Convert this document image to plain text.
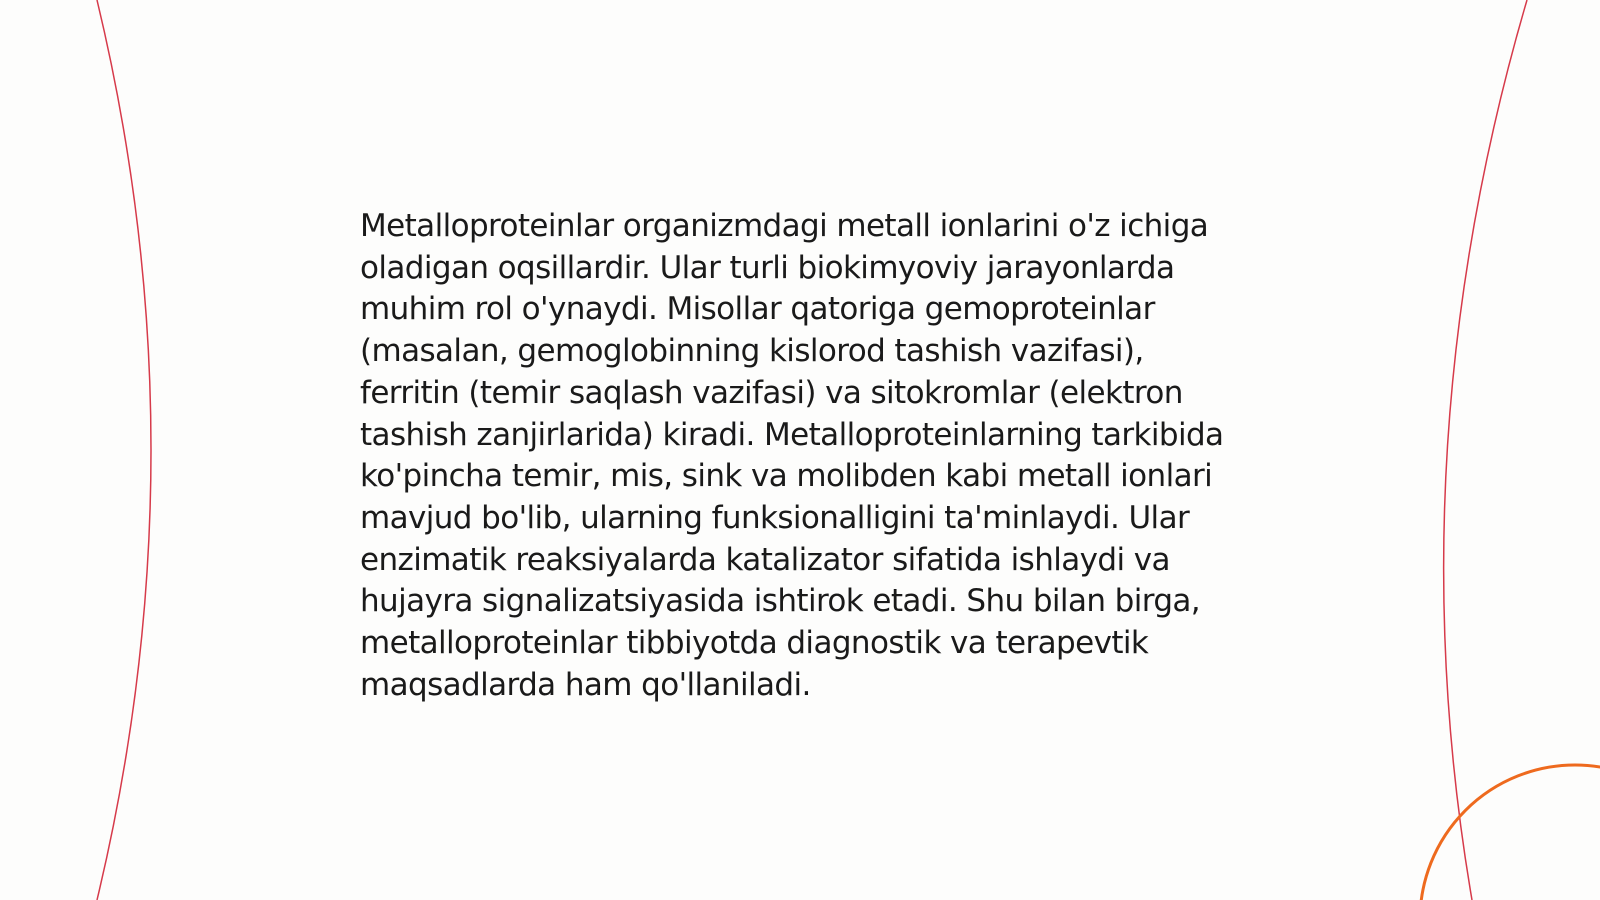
Metalloproteinlar organizmdagi metall ionlarini o'z ichiga oladigan oqsillardir. Ular turli biokimyoviy jarayonlarda muhim rol o'ynaydi. Misollar qatoriga gemoproteinlar (masalan, gemoglobinning kislorod tashish vazifasi), ferritin (temir saqlash vazifasi) va sitokromlar (elektron tashish zanjirlarida) kiradi. Metalloproteinlarning tarkibida ko'pincha temir, mis, sink va molibden kabi metall ionlari mavjud bo'lib, ularning funksionalligini ta'minlaydi. Ular enzimatik reaksiyalarda katalizator sifatida ishlaydi va hujayra signalizatsiyasida ishtirok etadi. Shu bilan birga, metalloproteinlar tibbiyotda diagnostik va terapevtik maqsadlarda ham qo'llaniladi.
